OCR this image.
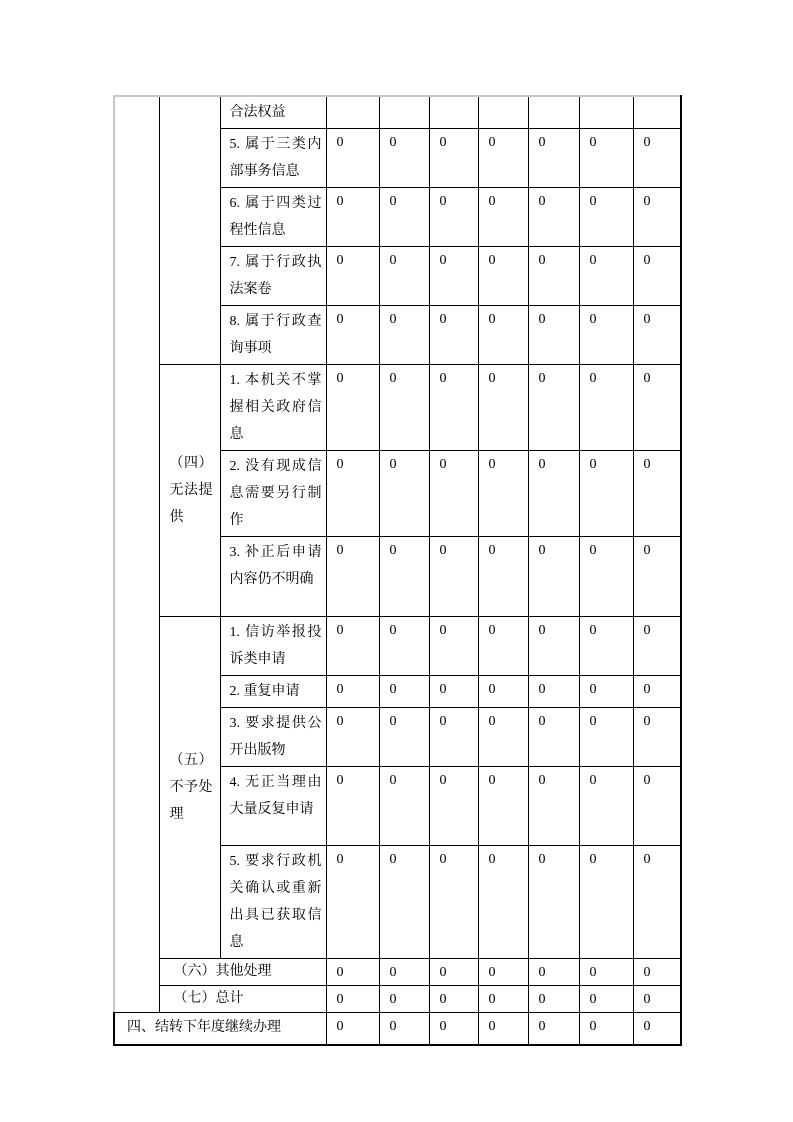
		合法权益							
		5. 属于三类内部事务信息	0	0	0	0	0	0	0
		6. 属于四类过程性信息	0	0	0	0	0	0	0
		7. 属于行政执法案卷	0	0	0	0	0	0	0
		8. 属于行政查询事项	0	0	0	0	0	0	0
	（四）无法提供	1. 本机关不掌握相关政府信息	0	0	0	0	0	0	0
		2. 没有现成信息需要另行制作	0	0	0	0	0	0	0
		3. 补正后申请内容仍不明确	0	0	0	0	0	0	0
	（五）不予处理	1. 信访举报投诉类申请	0	0	0	0	0	0	0
		2. 重复申请	0	0	0	0	0	0	0
		3. 要求提供公开出版物	0	0	0	0	0	0	0
		4. 无正当理由大量反复申请	0	0	0	0	0	0	0
		5. 要求行政机关确认或重新出具已获取信息	0	0	0	0	0	0	0
	（六）其他处理		0	0	0	0	0	0	0
	（七）总计		0	0	0	0	0	0	0
四、结转下年度继续办理			0	0	0	0	0	0	0
